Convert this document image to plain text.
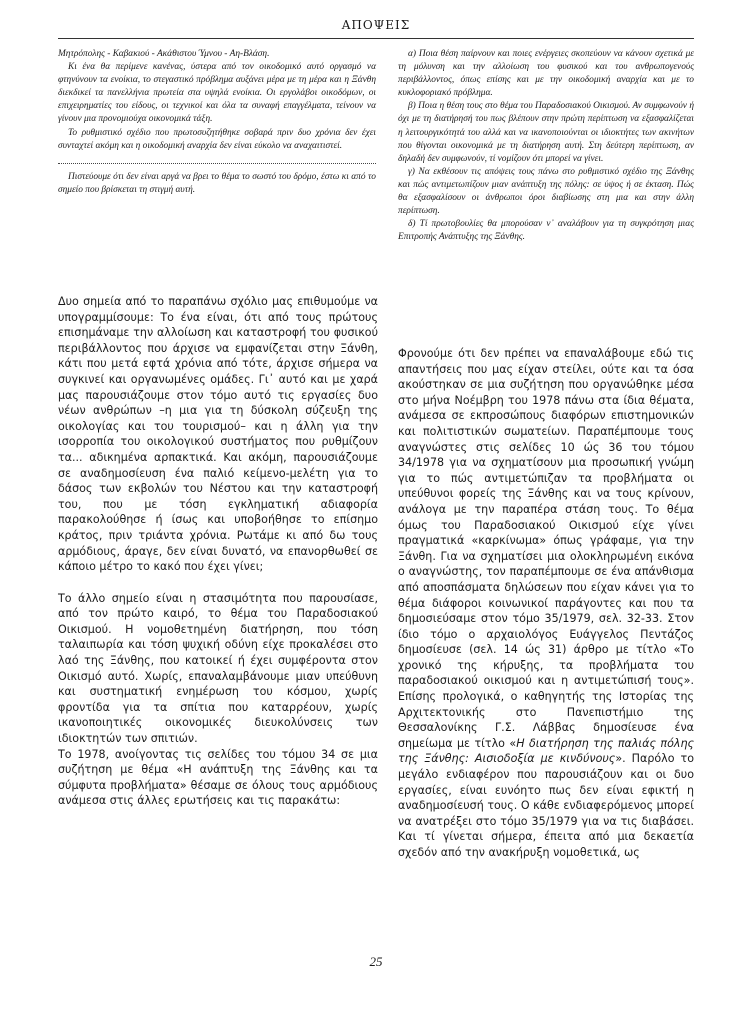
ΑΠΟΨΕΙΣ

Μητρόπολης - Καβακιού - Ακάθιστου Ύμνου - Αη-Βλάση.

Κι ένα θα περίμενε κανένας, ύστερα από τον οικοδομικό αυτό οργασμό να φτηνύνουν τα ενοίκια, το στεγαστικό πρόβλημα αυξάνει μέρα με τη μέρα και η Ξάνθη διεκδικεί τα πανελλήνια πρωτεία στα υψηλά ενοίκια. Οι εργολάβοι οικοδόμων, οι επιχειρηματίες του είδους, οι τεχνικοί και όλα τα συναφή επαγγέλματα, τείνουν να γίνουν μια προνομιούχα οικονομικά τάξη.

Το ρυθμιστικό σχέδιο που πρωτοσυζητήθηκε σοβαρά πριν δυο χρόνια δεν έχει συνταχτεί ακόμη και η οικοδομική αναρχία δεν είναι εύκολο να αναχαιτιστεί.

Πιστεύουμε ότι δεν είναι αργά να βρει το θέμα το σωστό του δρόμο, έστω κι από το σημείο που βρίσκεται τη στιγμή αυτή.

α) Ποια θέση παίρνουν και ποιες ενέργειες σκοπεύουν να κάνουν σχετικά με τη μόλυνση και την αλλοίωση του φυσικού και του ανθρωπογενούς περιβάλλοντος, όπως επίσης και με την οικοδομική αναρχία και με το κυκλοφοριακό πρόβλημα.

β) Ποια η θέση τους στο θέμα του Παραδοσιακού Οικισμού. Αν συμφωνούν ή όχι με τη διατήρησή του πως βλέπουν στην πρώτη περίπτωση να εξασφαλίζεται η λειτουργικότητά του αλλά και να ικανοποιούνται οι ιδιοκτήτες των ακινήτων που θίγονται οικονομικά με τη διατήρηση αυτή. Στη δεύτερη περίπτωση, αν δηλαδή δεν συμφωνούν, τί νομίζουν ότι μπορεί να γίνει.

γ) Να εκθέσουν τις απόψεις τους πάνω στο ρυθμιστικό σχέδιο της Ξάνθης και πώς αντιμετωπίζουν μιαν ανάπτυξη της πόλης: σε ύψος ή σε έκταση. Πώς θα εξασφαλίσουν οι άνθρωποι όροι διαβίωσης στη μια και στην άλλη περίπτωση.

δ) Τί πρωτοβουλίες θα μπορούσαν ν᾽ αναλάβουν για τη συγκρότηση μιας Επιτροπής Ανάπτυξης της Ξάνθης.

Δυο σημεία από το παραπάνω σχόλιο μας επιθυμούμε να υπογραμμίσουμε: Το ένα είναι, ότι από τους πρώτους επισημάναμε την αλλοίωση και καταστροφή του φυσικού περιβάλλοντος που άρχισε να εμφανίζεται στην Ξάνθη, κάτι που μετά εφτά χρόνια από τότε, άρχισε σήμερα να συγκινεί και οργανωμένες ομάδες. Γι᾽ αυτό και με χαρά μας παρουσιάζουμε στον τόμο αυτό τις εργασίες δυο νέων ανθρώπων –η μια για τη δύσκολη σύζευξη της οικολογίας και του τουρισμού– και η άλλη για την ισορροπία του οικολογικού συστήματος που ρυθμίζουν τα... αδικημένα αρπακτικά. Και ακόμη, παρουσιάζουμε σε αναδημοσίευση ένα παλιό κείμενο-μελέτη για το δάσος των εκβολών του Νέστου και την καταστροφή του, που με τόση εγκληματική αδιαφορία παρακολούθησε ή ίσως και υποβοήθησε το επίσημο κράτος, πριν τριάντα χρόνια. Ρωτάμε κι από δω τους αρμόδιους, άραγε, δεν είναι δυνατό, να επανορθωθεί σε κάποιο μέτρο το κακό που έχει γίνει;

Το άλλο σημείο είναι η στασιμότητα που παρουσίασε, από τον πρώτο καιρό, το θέμα του Παραδοσιακού Οικισμού. Η νομοθετημένη διατήρηση, που τόση ταλαιπωρία και τόση ψυχική οδύνη είχε προκαλέσει στο λαό της Ξάνθης, που κατοικεί ή έχει συμφέροντα στον Οικισμό αυτό. Χωρίς, επαναλαμβάνουμε μιαν υπεύθυνη και συστηματική ενημέρωση του κόσμου, χωρίς φροντίδα για τα σπίτια που καταρρέουν, χωρίς ικανοποιητικές οικονομικές διευκολύνσεις των ιδιοκτητών των σπιτιών.

Το 1978, ανοίγοντας τις σελίδες του τόμου 34 σε μια συζήτηση με θέμα «Η ανάπτυξη της Ξάνθης και τα σύμφυτα προβλήματα» θέσαμε σε όλους τους αρμόδιους ανάμεσα στις άλλες ερωτήσεις και τις παρακάτω:

Φρονούμε ότι δεν πρέπει να επαναλάβουμε εδώ τις απαντήσεις που μας είχαν στείλει, ούτε και τα όσα ακούστηκαν σε μια συζήτηση που οργανώθηκε μέσα στο μήνα Νοέμβρη του 1978 πάνω στα ίδια θέματα, ανάμεσα σε εκπροσώπους διαφόρων επιστημονικών και πολιτιστικών σωματείων. Παραπέμπουμε τους αναγνώστες στις σελίδες 10 ώς 36 του τόμου 34/1978 για να σχηματίσουν μια προσωπική γνώμη για το πώς αντιμετώπιζαν τα προβλήματα οι υπεύθυνοι φορείς της Ξάνθης και να τους κρίνουν, ανάλογα με την παραπέρα στάση τους. Το θέμα όμως του Παραδοσιακού Οικισμού είχε γίνει πραγματικά «καρκίνωμα» όπως γράφαμε, για την Ξάνθη. Για να σχηματίσει μια ολοκληρωμένη εικόνα ο αναγνώστης, τον παραπέμπουμε σε ένα απάνθισμα από αποσπάσματα δηλώσεων που είχαν κάνει για το θέμα διάφοροι κοινωνικοί παράγοντες και που τα δημοσιεύσαμε στον τόμο 35/1979, σελ. 32-33. Στον ίδιο τόμο ο αρχαιολόγος Ευάγγελος Πεντάζος δημοσίευσε (σελ. 14 ώς 31) άρθρο με τίτλο «Το χρονικό της κήρυξης, τα προβλήματα του παραδοσιακού οικισμού και η αντιμετώπισή τους». Επίσης προλογικά, ο καθηγητής της Ιστορίας της Αρχιτεκτονικής στο Πανεπιστήμιο της Θεσσαλονίκης Γ.Σ. Λάββας δημοσίευσε ένα σημείωμα με τίτλο «Η διατήρηση της παλιάς πόλης της Ξάνθης: Αισιοδοξία με κινδύνους». Παρόλο το μεγάλο ενδιαφέρον που παρουσιάζουν και οι δυο εργασίες, είναι ευνόητο πως δεν είναι εφικτή η αναδημοσίευσή τους. Ο κάθε ενδιαφερόμενος μπορεί να ανατρέξει στο τόμο 35/1979 για να τις διαβάσει. Και τί γίνεται σήμερα, έπειτα από μια δεκαετία σχεδόν από την ανακήρυξη νομοθετικά, ως

25
